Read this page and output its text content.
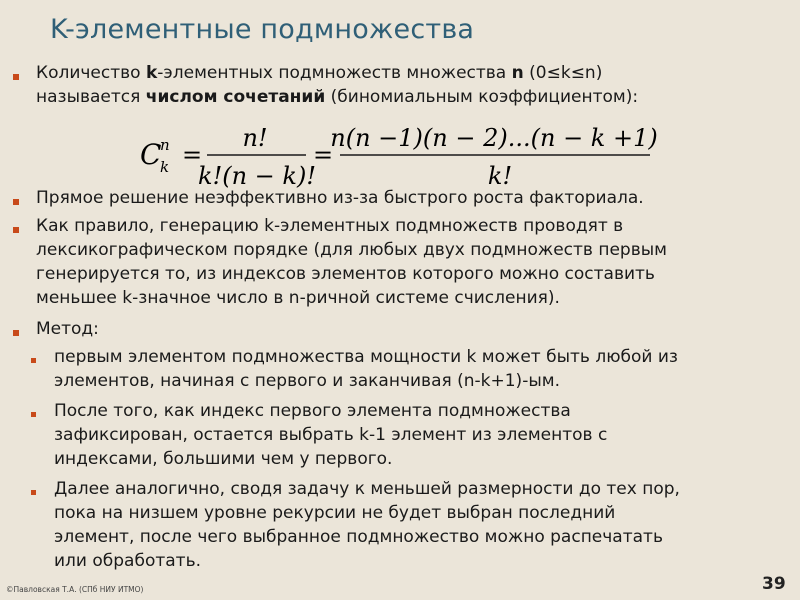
K-элементные подмножества
Количество k-элементных подмножеств множества n (0≤k≤n)
называется числом сочетаний (биномиальным коэффициентом):
C
n
k =
n!
k!(n − k)!
=
n(n −1)(n − 2)...(n − k +1)
k!
Прямое решение неэффективно из-за быстрого роста факториала.
Как правило, генерацию k-элементных подмножеств проводят в
лексикографическом порядке (для любых двух подмножеств первым
генерируется то, из индексов элементов которого можно составить
меньшее k-значное число в n-ричной системе счисления).
Метод:
первым элементом подмножества мощности k может быть любой из
элементов, начиная с первого и заканчивая (n-k+1)-ым.
После того, как индекс первого элемента подмножества
зафиксирован, остается выбрать k-1 элемент из элементов с
индексами, большими чем у первого.
Далее аналогично, сводя задачу к меньшей размерности до тех пор,
пока на низшем уровне рекурсии не будет выбран последний
элемент, после чего выбранное подмножество можно распечатать
или обработать.
©Павловская Т.А. (СПб НИУ ИТМО)	39
